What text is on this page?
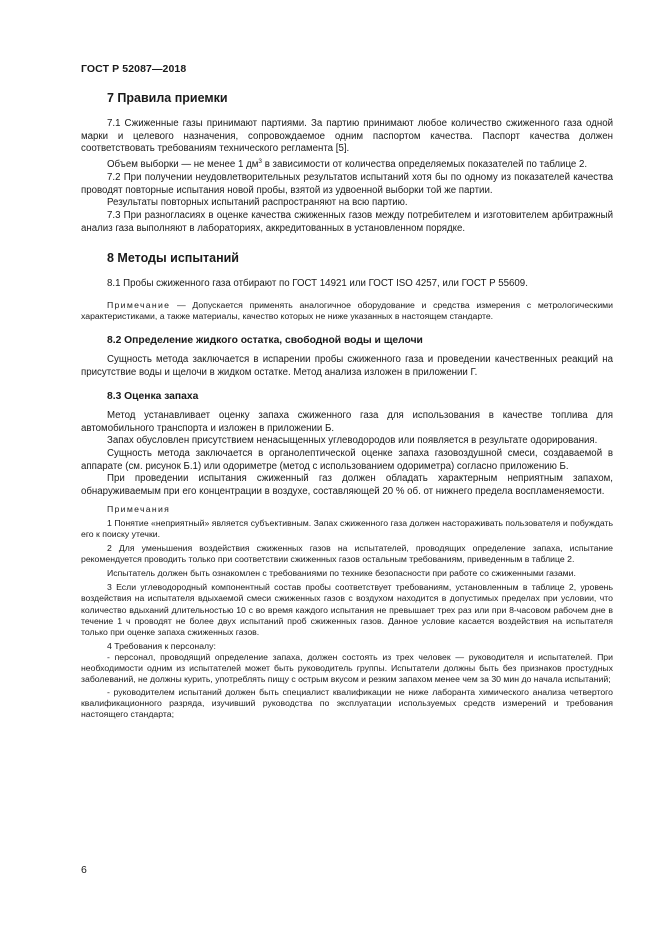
ГОСТ Р 52087—2018
7 Правила приемки

7.1 Сжиженные газы принимают партиями. За партию принимают любое количество сжиженного газа одной марки и целевого назначения, сопровождаемое одним паспортом качества. Паспорт качества должен соответствовать требованиям технического регламента [5].

Объем выборки — не менее 1 $дм^3$ в зависимости от количества определяемых показателей по таблице 2.

7.2 При получении неудовлетворительных результатов испытаний хотя бы по одному из показателей качества проводят повторные испытания новой пробы, взятой из удвоенной выборки той же партии.

Результаты повторных испытаний распространяют на всю партию.

7.3 При разногласиях в оценке качества сжиженных газов между потребителем и изготовителем арбитражный анализ газа выполняют в лабораториях, аккредитованных в установленном порядке.

8 Методы испытаний

8.1 Пробы сжиженного газа отбирают по ГОСТ 14921 или ГОСТ ISO 4257, или ГОСТ Р 55609.

Примечание — Допускается применять аналогичное оборудование и средства измерения с метрологическими характеристиками, а также материалы, качество которых не ниже указанных в настоящем стандарте.

8.2 Определение жидкого остатка, свободной воды и щелочи

Сущность метода заключается в испарении пробы сжиженного газа и проведении качественных реакций на присутствие воды и щелочи в жидком остатке. Метод анализа изложен в приложении Г.

8.3 Оценка запаха

Метод устанавливает оценку запаха сжиженного газа для использования в качестве топлива для автомобильного транспорта и изложен в приложении Б.

Запах обусловлен присутствием ненасыщенных углеводородов или появляется в результате одорирования.

Сущность метода заключается в органолептической оценке запаха газовоздушной смеси, создаваемой в аппарате (см. рисунок Б.1) или одориметре (метод с использованием одориметра) согласно приложению Б.

При проведении испытания сжиженный газ должен обладать характерным неприятным запахом, обнаруживаемым при его концентрации в воздухе, составляющей 20 % об. от нижнего предела воспламеняемости.

Примечания

1 Понятие «неприятный» является субъективным. Запах сжиженного газа должен настораживать пользователя и побуждать его к поиску утечки.

2 Для уменьшения воздействия сжиженных газов на испытателей, проводящих определение запаха, испытание рекомендуется проводить только при соответствии сжиженных газов остальным требованиям, приведенным в таблице 2.

Испытатель должен быть ознакомлен с требованиями по технике безопасности при работе со сжиженными газами.

3 Если углеводородный компонентный состав пробы соответствует требованиям, установленным в таблице 2, уровень воздействия на испытателя вдыхаемой смеси сжиженных газов с воздухом находится в допустимых пределах при условии, что количество вдыханий длительностью 10 с во время каждого испытания не превышает трех раз или при 8-часовом рабочем дне в течение 1 ч проводят не более двух испытаний проб сжиженных газов. Данное условие касается воздействия на испытателя только при оценке запаха сжиженных газов.

4 Требования к персоналу:

- персонал, проводящий определение запаха, должен состоять из трех человек — руководителя и испытателей. При необходимости одним из испытателей может быть руководитель группы. Испытатели должны быть без признаков простудных заболеваний, не должны курить, употреблять пищу с острым вкусом и резким запахом менее чем за 30 мин до начала испытаний;

- руководителем испытаний должен быть специалист квалификации не ниже лаборанта химического анализа четвертого квалификационного разряда, изучивший руководства по эксплуатации используемых средств измерений и требования настоящего стандарта;

6
